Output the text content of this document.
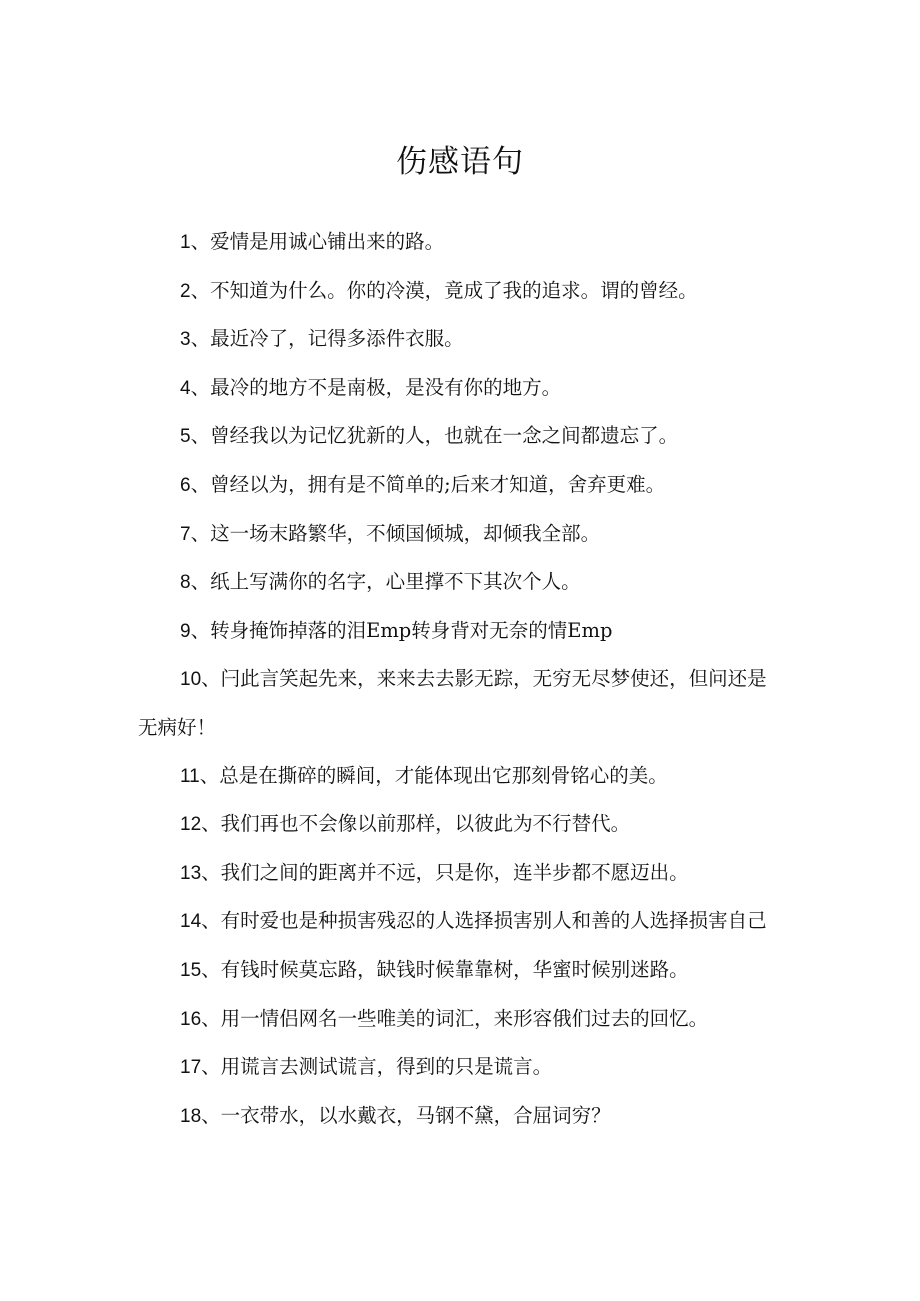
伤感语句
1、爱情是用诚心铺出来的路。
2、不知道为什么。你的冷漠，竟成了我的追求。谓的曾经。
3、最近冷了，记得多添件衣服。
4、最冷的地方不是南极，是没有你的地方。
5、曾经我以为记忆犹新的人，也就在一念之间都遗忘了。
6、曾经以为，拥有是不简单的;后来才知道，舍弃更难。
7、这一场末路繁华，不倾国倾城，却倾我全部。
8、纸上写满你的名字，心里撑不下其次个人。
9、转身掩饰掉落的泪Emp转身背对无奈的情Emp
10、闩此言笑起先来，来来去去影无踪，无穷无尽梦使还，但问还是无病好！
11、总是在撕碎的瞬间，才能体现出它那刻骨铭心的美。
12、我们再也不会像以前那样，以彼此为不行替代。
13、我们之间的距离并不远，只是你，连半步都不愿迈出。
14、有时爱也是种损害残忍的人选择损害别人和善的人选择损害自己
15、有钱时候莫忘路，缺钱时候靠靠树，华蜜时候别迷路。
16、用一情侣网名一些唯美的词汇，来形容俄们过去的回忆。
17、用谎言去测试谎言，得到的只是谎言。
18、一衣带水，以水戴衣，马钢不黛，合屈词穷？
